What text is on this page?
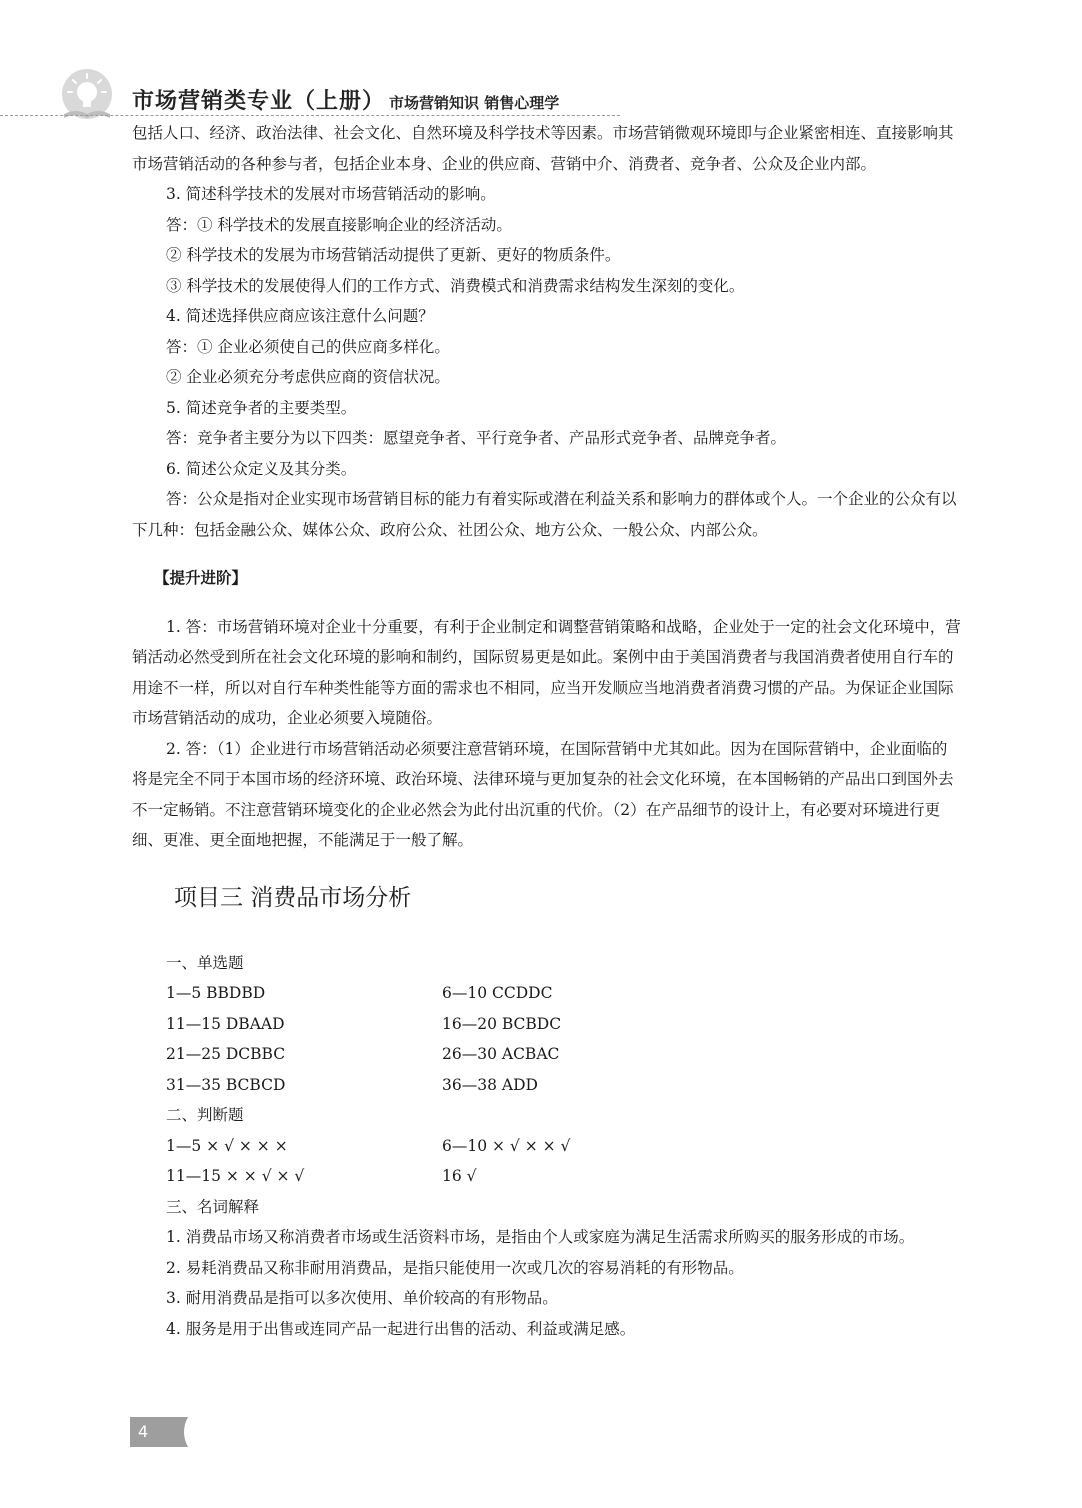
市场营销类专业（上册） 市场营销知识 销售心理学

包括人口、经济、政治法律、社会文化、自然环境及科学技术等因素。市场营销微观环境即与企业紧密相连、直接影响其市场营销活动的各种参与者，包括企业本身、企业的供应商、营销中介、消费者、竞争者、公众及企业内部。

3. 简述科学技术的发展对市场营销活动的影响。

答：① 科学技术的发展直接影响企业的经济活动。

② 科学技术的发展为市场营销活动提供了更新、更好的物质条件。

③ 科学技术的发展使得人们的工作方式、消费模式和消费需求结构发生深刻的变化。

4. 简述选择供应商应该注意什么问题？

答：① 企业必须使自己的供应商多样化。

② 企业必须充分考虑供应商的资信状况。

5. 简述竞争者的主要类型。

答：竞争者主要分为以下四类：愿望竞争者、平行竞争者、产品形式竞争者、品牌竞争者。

6. 简述公众定义及其分类。

答：公众是指对企业实现市场营销目标的能力有着实际或潜在利益关系和影响力的群体或个人。一个企业的公众有以下几种：包括金融公众、媒体公众、政府公众、社团公众、地方公众、一般公众、内部公众。

【提升进阶】

1. 答：市场营销环境对企业十分重要，有利于企业制定和调整营销策略和战略，企业处于一定的社会文化环境中，营销活动必然受到所在社会文化环境的影响和制约，国际贸易更是如此。案例中由于美国消费者与我国消费者使用自行车的用途不一样，所以对自行车种类性能等方面的需求也不相同，应当开发顺应当地消费者消费习惯的产品。为保证企业国际市场营销活动的成功，企业必须要入境随俗。

2. 答：（1）企业进行市场营销活动必须要注意营销环境，在国际营销中尤其如此。因为在国际营销中，企业面临的将是完全不同于本国市场的经济环境、政治环境、法律环境与更加复杂的社会文化环境，在本国畅销的产品出口到国外去不一定畅销。不注意营销环境变化的企业必然会为此付出沉重的代价。（2）在产品细节的设计上，有必要对环境进行更细、更准、更全面地把握，不能满足于一般了解。

项目三 消费品市场分析

一、单选题

1—5 BBDBD	6—10 CCDDC
11—15 DBAAD	16—20 BCBDC
21—25 DCBBC	26—30 ACBAC
31—35 BCBCD	36—38 ADD

二、判断题

1—5 × √ × × ×	6—10 × √ × × √
11—15 × × √ × √	16 √

三、名词解释

1. 消费品市场又称消费者市场或生活资料市场，是指由个人或家庭为满足生活需求所购买的服务形成的市场。

2. 易耗消费品又称非耐用消费品，是指只能使用一次或几次的容易消耗的有形物品。

3. 耐用消费品是指可以多次使用、单价较高的有形物品。

4. 服务是用于出售或连同产品一起进行出售的活动、利益或满足感。

4
